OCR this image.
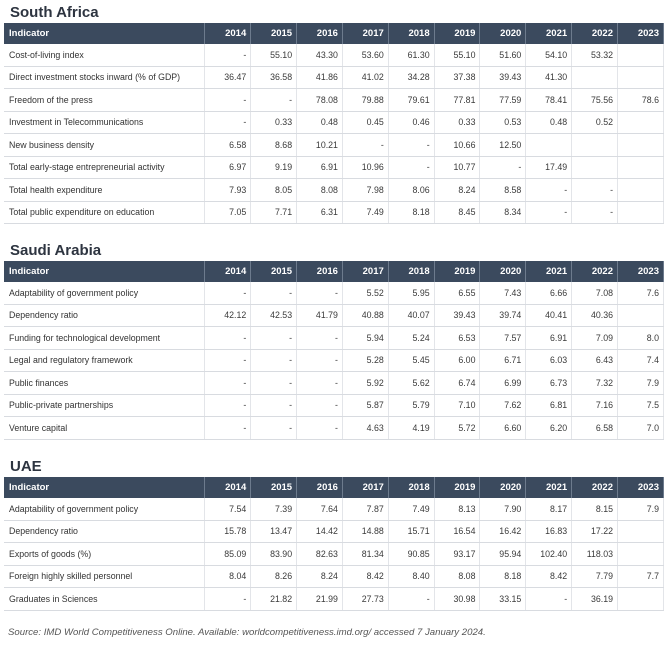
South Africa
Indicator	2014	2015	2016	2017	2018	2019	2020	2021	2022	2023
Cost-of-living index	-	55.10	43.30	53.60	61.30	55.10	51.60	54.10	53.32	
Direct investment stocks inward (% of GDP)	36.47	36.58	41.86	41.02	34.28	37.38	39.43	41.30		
Freedom of the press	-	-	78.08	79.88	79.61	77.81	77.59	78.41	75.56	78.6
Investment in Telecommunications	-	0.33	0.48	0.45	0.46	0.33	0.53	0.48	0.52	
New business density	6.58	8.68	10.21	-	-	10.66	12.50			
Total early-stage entrepreneurial activity	6.97	9.19	6.91	10.96	-	10.77	-	17.49		
Total health expenditure	7.93	8.05	8.08	7.98	8.06	8.24	8.58	-	-	
Total public expenditure on education	7.05	7.71	6.31	7.49	8.18	8.45	8.34	-	-	
Saudi Arabia
Indicator	2014	2015	2016	2017	2018	2019	2020	2021	2022	2023
Adaptability of government policy	-	-	-	5.52	5.95	6.55	7.43	6.66	7.08	7.6
Dependency ratio	42.12	42.53	41.79	40.88	40.07	39.43	39.74	40.41	40.36	
Funding for technological development	-	-	-	5.94	5.24	6.53	7.57	6.91	7.09	8.0
Legal and regulatory framework	-	-	-	5.28	5.45	6.00	6.71	6.03	6.43	7.4
Public finances	-	-	-	5.92	5.62	6.74	6.99	6.73	7.32	7.9
Public-private partnerships	-	-	-	5.87	5.79	7.10	7.62	6.81	7.16	7.5
Venture capital	-	-	-	4.63	4.19	5.72	6.60	6.20	6.58	7.0
UAE
Indicator	2014	2015	2016	2017	2018	2019	2020	2021	2022	2023
Adaptability of government policy	7.54	7.39	7.64	7.87	7.49	8.13	7.90	8.17	8.15	7.9
Dependency ratio	15.78	13.47	14.42	14.88	15.71	16.54	16.42	16.83	17.22	
Exports of goods (%)	85.09	83.90	82.63	81.34	90.85	93.17	95.94	102.40	118.03	
Foreign highly skilled personnel	8.04	8.26	8.24	8.42	8.40	8.08	8.18	8.42	7.79	7.7
Graduates in Sciences	-	21.82	21.99	27.73	-	30.98	33.15	-	36.19	
Source: IMD World Competitiveness Online. Available: worldcompetitiveness.imd.org/ accessed 7 January 2024.
